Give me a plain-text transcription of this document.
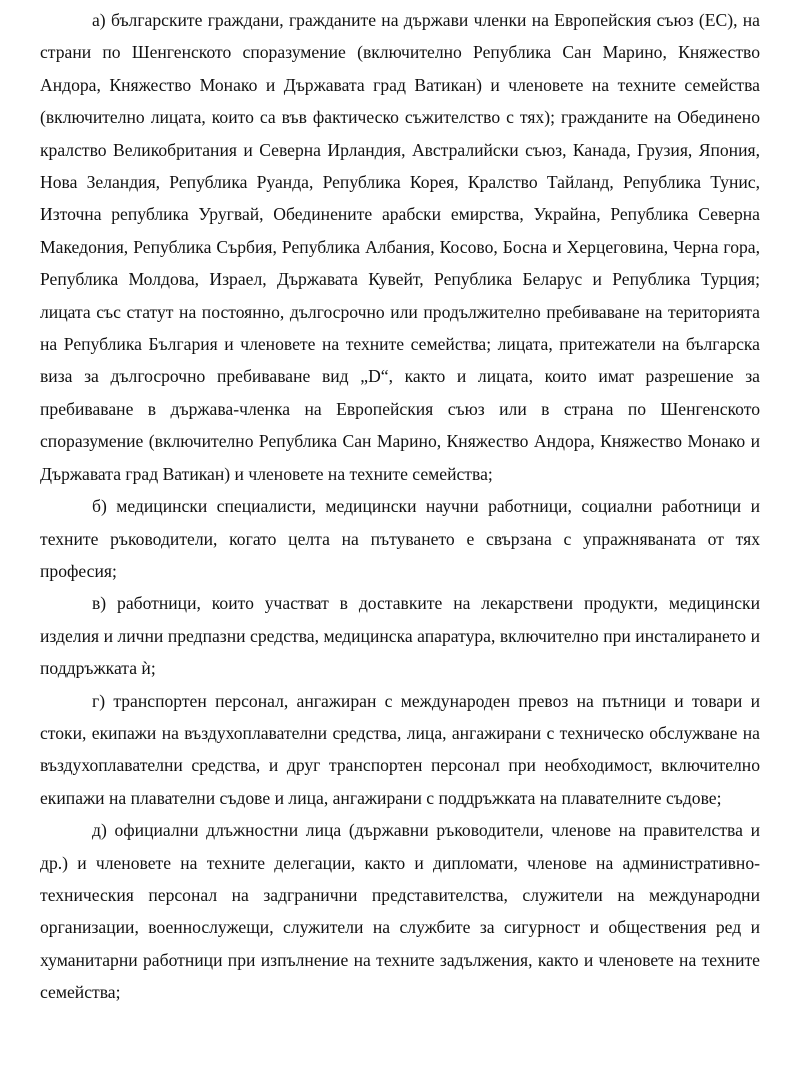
а) българските граждани, гражданите на държави членки на Европейския съюз (ЕС), на страни по Шенгенското споразумение (включително Република Сан Марино, Княжество Андора, Княжество Монако и Държавата град Ватикан) и членовете на техните семейства (включително лицата, които са във фактическо съжителство с тях); гражданите на Обединено кралство Великобритания и Северна Ирландия, Австралийски съюз, Канада, Грузия, Япония, Нова Зеландия, Република Руанда, Република Корея, Кралство Тайланд, Република Тунис, Източна република Уругвай, Обединените арабски емирства, Украйна, Република Северна Македония, Република Сърбия, Република Албания, Косово, Босна и Херцеговина, Черна гора, Република Молдова, Израел, Държавата Кувейт, Република Беларус и Република Турция; лицата със статут на постоянно, дългосрочно или продължително пребиваване на територията на Република България и членовете на техните семейства; лицата, притежатели на българска виза за дългосрочно пребиваване вид „D“, както и лицата, които имат разрешение за пребиваване в държава-членка на Европейския съюз или в страна по Шенгенското споразумение (включително Република Сан Марино, Княжество Андора, Княжество Монако и Държавата град Ватикан) и членовете на техните семейства;

б) медицински специалисти, медицински научни работници, социални работници и техните ръководители, когато целта на пътуването е свързана с упражняваната от тях професия;

в) работници, които участват в доставките на лекарствени продукти, медицински изделия и лични предпазни средства, медицинска апаратура, включително при инсталирането и поддръжката ѝ;

г) транспортен персонал, ангажиран с международен превоз на пътници и товари и стоки, екипажи на въздухоплавателни средства, лица, ангажирани с техническо обслужване на въздухоплавателни средства, и друг транспортен персонал при необходимост, включително екипажи на плавателни съдове и лица, ангажирани с поддръжката на плавателните съдове;

д) официални длъжностни лица (държавни ръководители, членове на правителства и др.) и членовете на техните делегации, както и дипломати, членове на административно-техническия персонал на задгранични представителства, служители на международни организации, военнослужещи, служители на службите за сигурност и обществения ред и хуманитарни работници при изпълнение на техните задължения, както и членовете на техните семейства;
